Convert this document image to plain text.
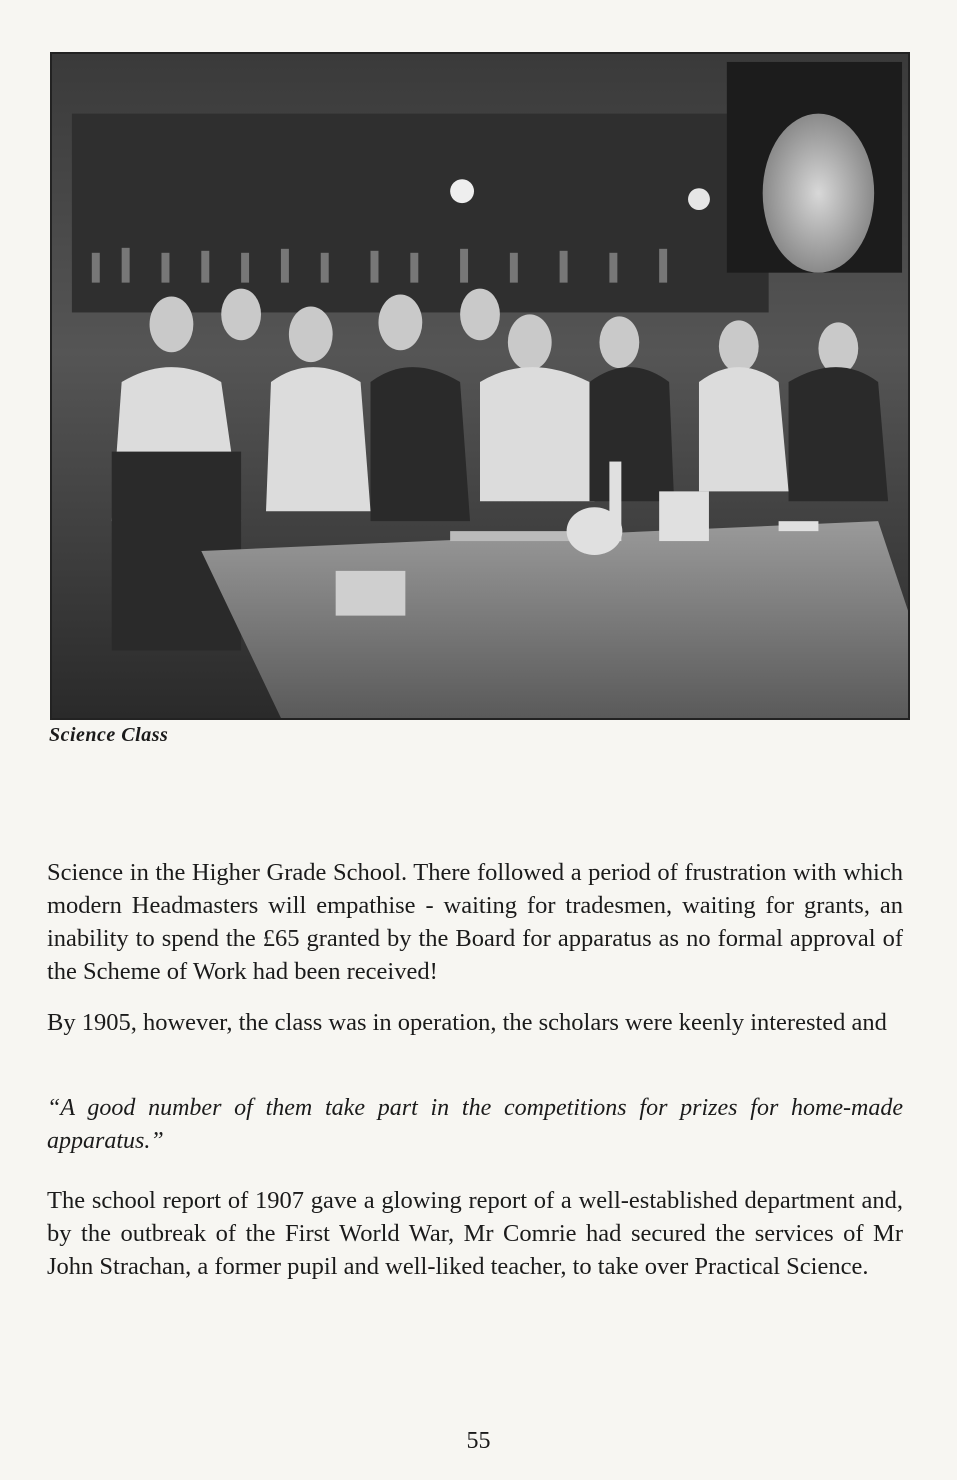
Science Class

Science in the Higher Grade School. There followed a period of frustration with which modern Headmasters will empathise - waiting for tradesmen, waiting for grants, an inability to spend the £65 granted by the Board for apparatus as no formal approval of the Scheme of Work had been received!

By 1905, however, the class was in operation, the scholars were keenly interested and

“A good number of them take part in the competitions for prizes for home-made apparatus.”

The school report of 1907 gave a glowing report of a well-established department and, by the outbreak of the First World War, Mr Comrie had secured the services of Mr John Strachan, a former pupil and well-liked teacher, to take over Practical Science.

55
